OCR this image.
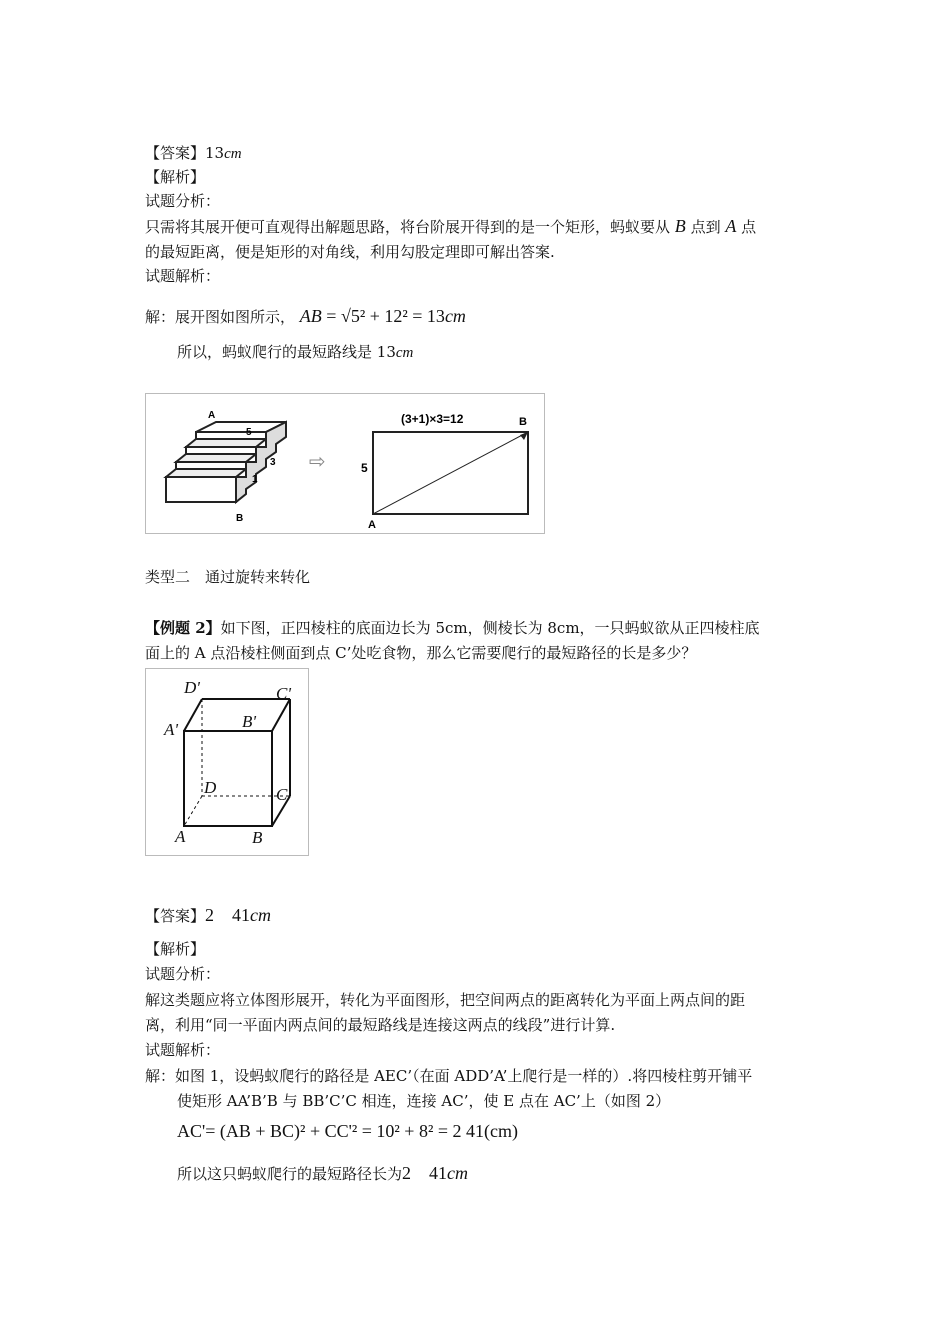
【答案】13cm
【解析】
试题分析：
只需将其展开便可直观得出解题思路，将台阶展开得到的是一个矩形，蚂蚁要从 B 点到 A 点
的最短距离，便是矩形的对角线，利用勾股定理即可解出答案.
试题解析：
解：展开图如图所示， AB = √5² + 12² = 13cm
所以，蚂蚁爬行的最短路线是 13cm
A
5
3
1
B
⇨
(3+1)×3=12
5
A
B
类型二　通过旋转来转化
【例题 2】如下图，正四棱柱的底面边长为 5cm，侧棱长为 8cm，一只蚂蚁欲从正四棱柱底
面上的 A 点沿棱柱侧面到点 C’处吃食物，那么它需要爬行的最短路径的长是多少？
D'	C'
A'	B'
D	C
A	B
【答案】2　41cm
【解析】
试题分析：
解这类题应将立体图形展开，转化为平面图形，把空间两点的距离转化为平面上两点间的距
离，利用“同一平面内两点间的最短路线是连接这两点的线段”进行计算.
试题解析：
解：如图 1，设蚂蚁爬行的路径是 AEC’（在面 ADD’A’上爬行是一样的）.将四棱柱剪开铺平
使矩形 AA’B’B 与 BB’C’C 相连，连接 AC’，使 E 点在 AC’上（如图 2）
AC'= (AB + BC)² + CC'² = 10² + 8² = 2 41(cm)
所以这只蚂蚁爬行的最短路径长为2　41cm
